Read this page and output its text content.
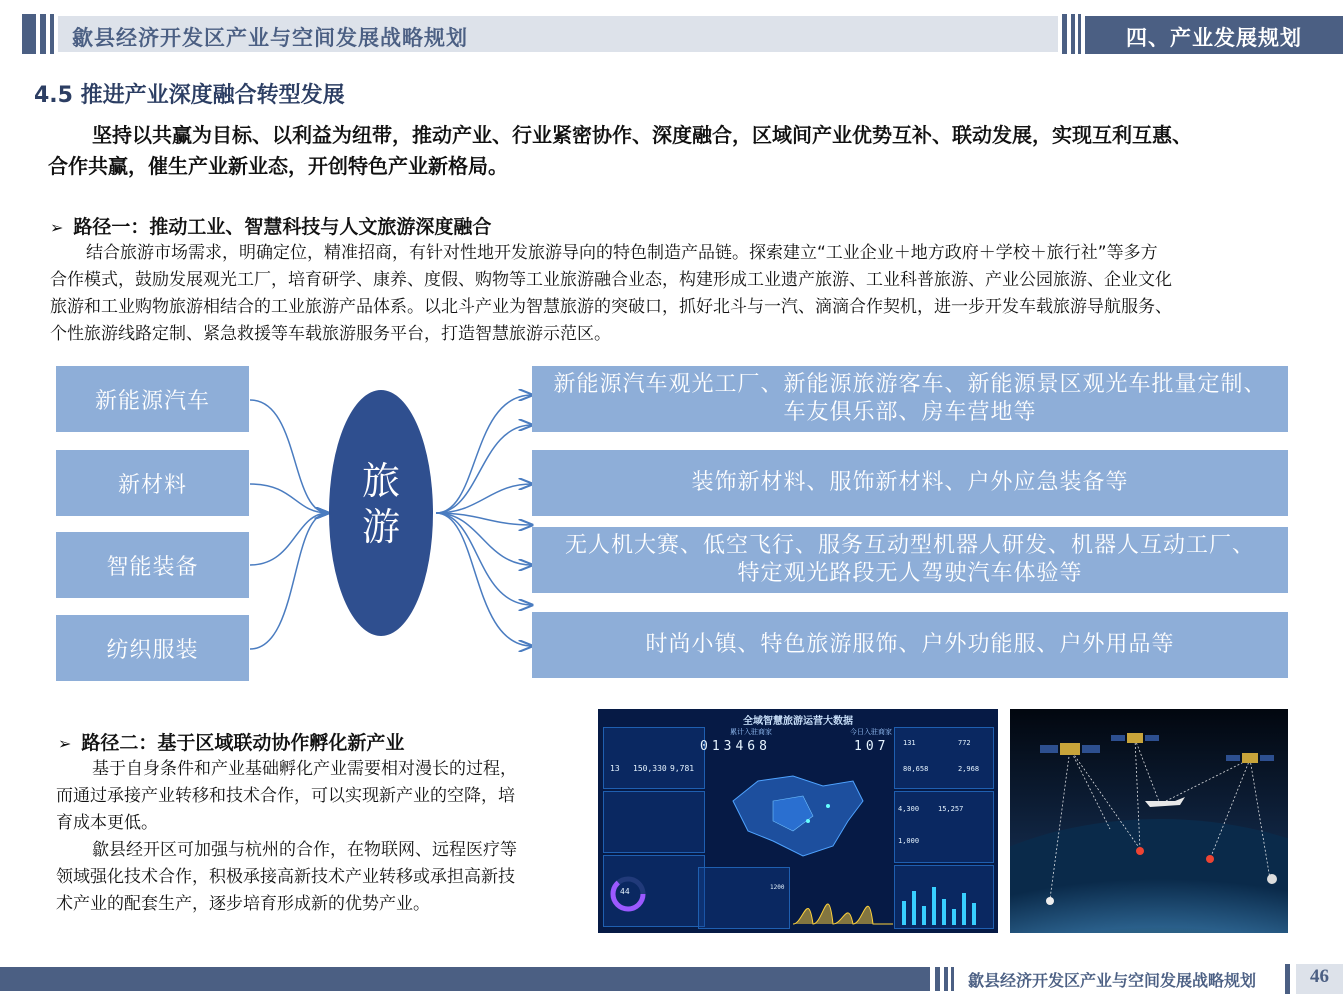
歙县经济开发区产业与空间发展战略规划	四、产业发展规划
4.5 推进产业深度融合转型发展
坚持以共赢为目标、以利益为纽带，推动产业、行业紧密协作、深度融合，区域间产业优势互补、联动发展，实现互利互惠、
合作共赢，催生产业新业态，开创特色产业新格局。
➢ 路径一：推动工业、智慧科技与人文旅游深度融合
结合旅游市场需求，明确定位，精准招商，有针对性地开发旅游导向的特色制造产品链。探索建立“工业企业＋地方政府＋学校＋旅行社”等多方
合作模式，鼓励发展观光工厂，培育研学、康养、度假、购物等工业旅游融合业态，构建形成工业遗产旅游、工业科普旅游、产业公园旅游、企业文化
旅游和工业购物旅游相结合的工业旅游产品体系。以北斗产业为智慧旅游的突破口，抓好北斗与一汽、滴滴合作契机，进一步开发车载旅游导航服务、
个性旅游线路定制、紧急救援等车载旅游服务平台，打造智慧旅游示范区。
新能源汽车
新材料
智能装备
纺织服装
旅
游
新能源汽车观光工厂、新能源旅游客车、新能源景区观光车批量定制、
车友俱乐部、房车营地等
装饰新材料、服饰新材料、户外应急装备等
无人机大赛、低空飞行、服务互动型机器人研发、机器人互动工厂、
特定观光路段无人驾驶汽车体验等
时尚小镇、特色旅游服饰、户外功能服、户外用品等
➢ 路径二：基于区域联动协作孵化新产业
基于自身条件和产业基础孵化产业需要相对漫长的过程，
而通过承接产业转移和技术合作，可以实现新产业的空降，培
育成本更低。
歙县经开区可加强与杭州的合作，在物联网、远程医疗等
领域强化技术合作，积极承接高新技术产业转移或承担高新技
术产业的配套生产，逐步培育形成新的优势产业。
全域智慧旅游运营大数据
13 150,330 9,781
44
累计入驻商家
013468
今日入驻商家
107
1200
131	772
80,658	2,968
4,300	15,257
1,000
歙县经济开发区产业与空间发展战略规划	46
